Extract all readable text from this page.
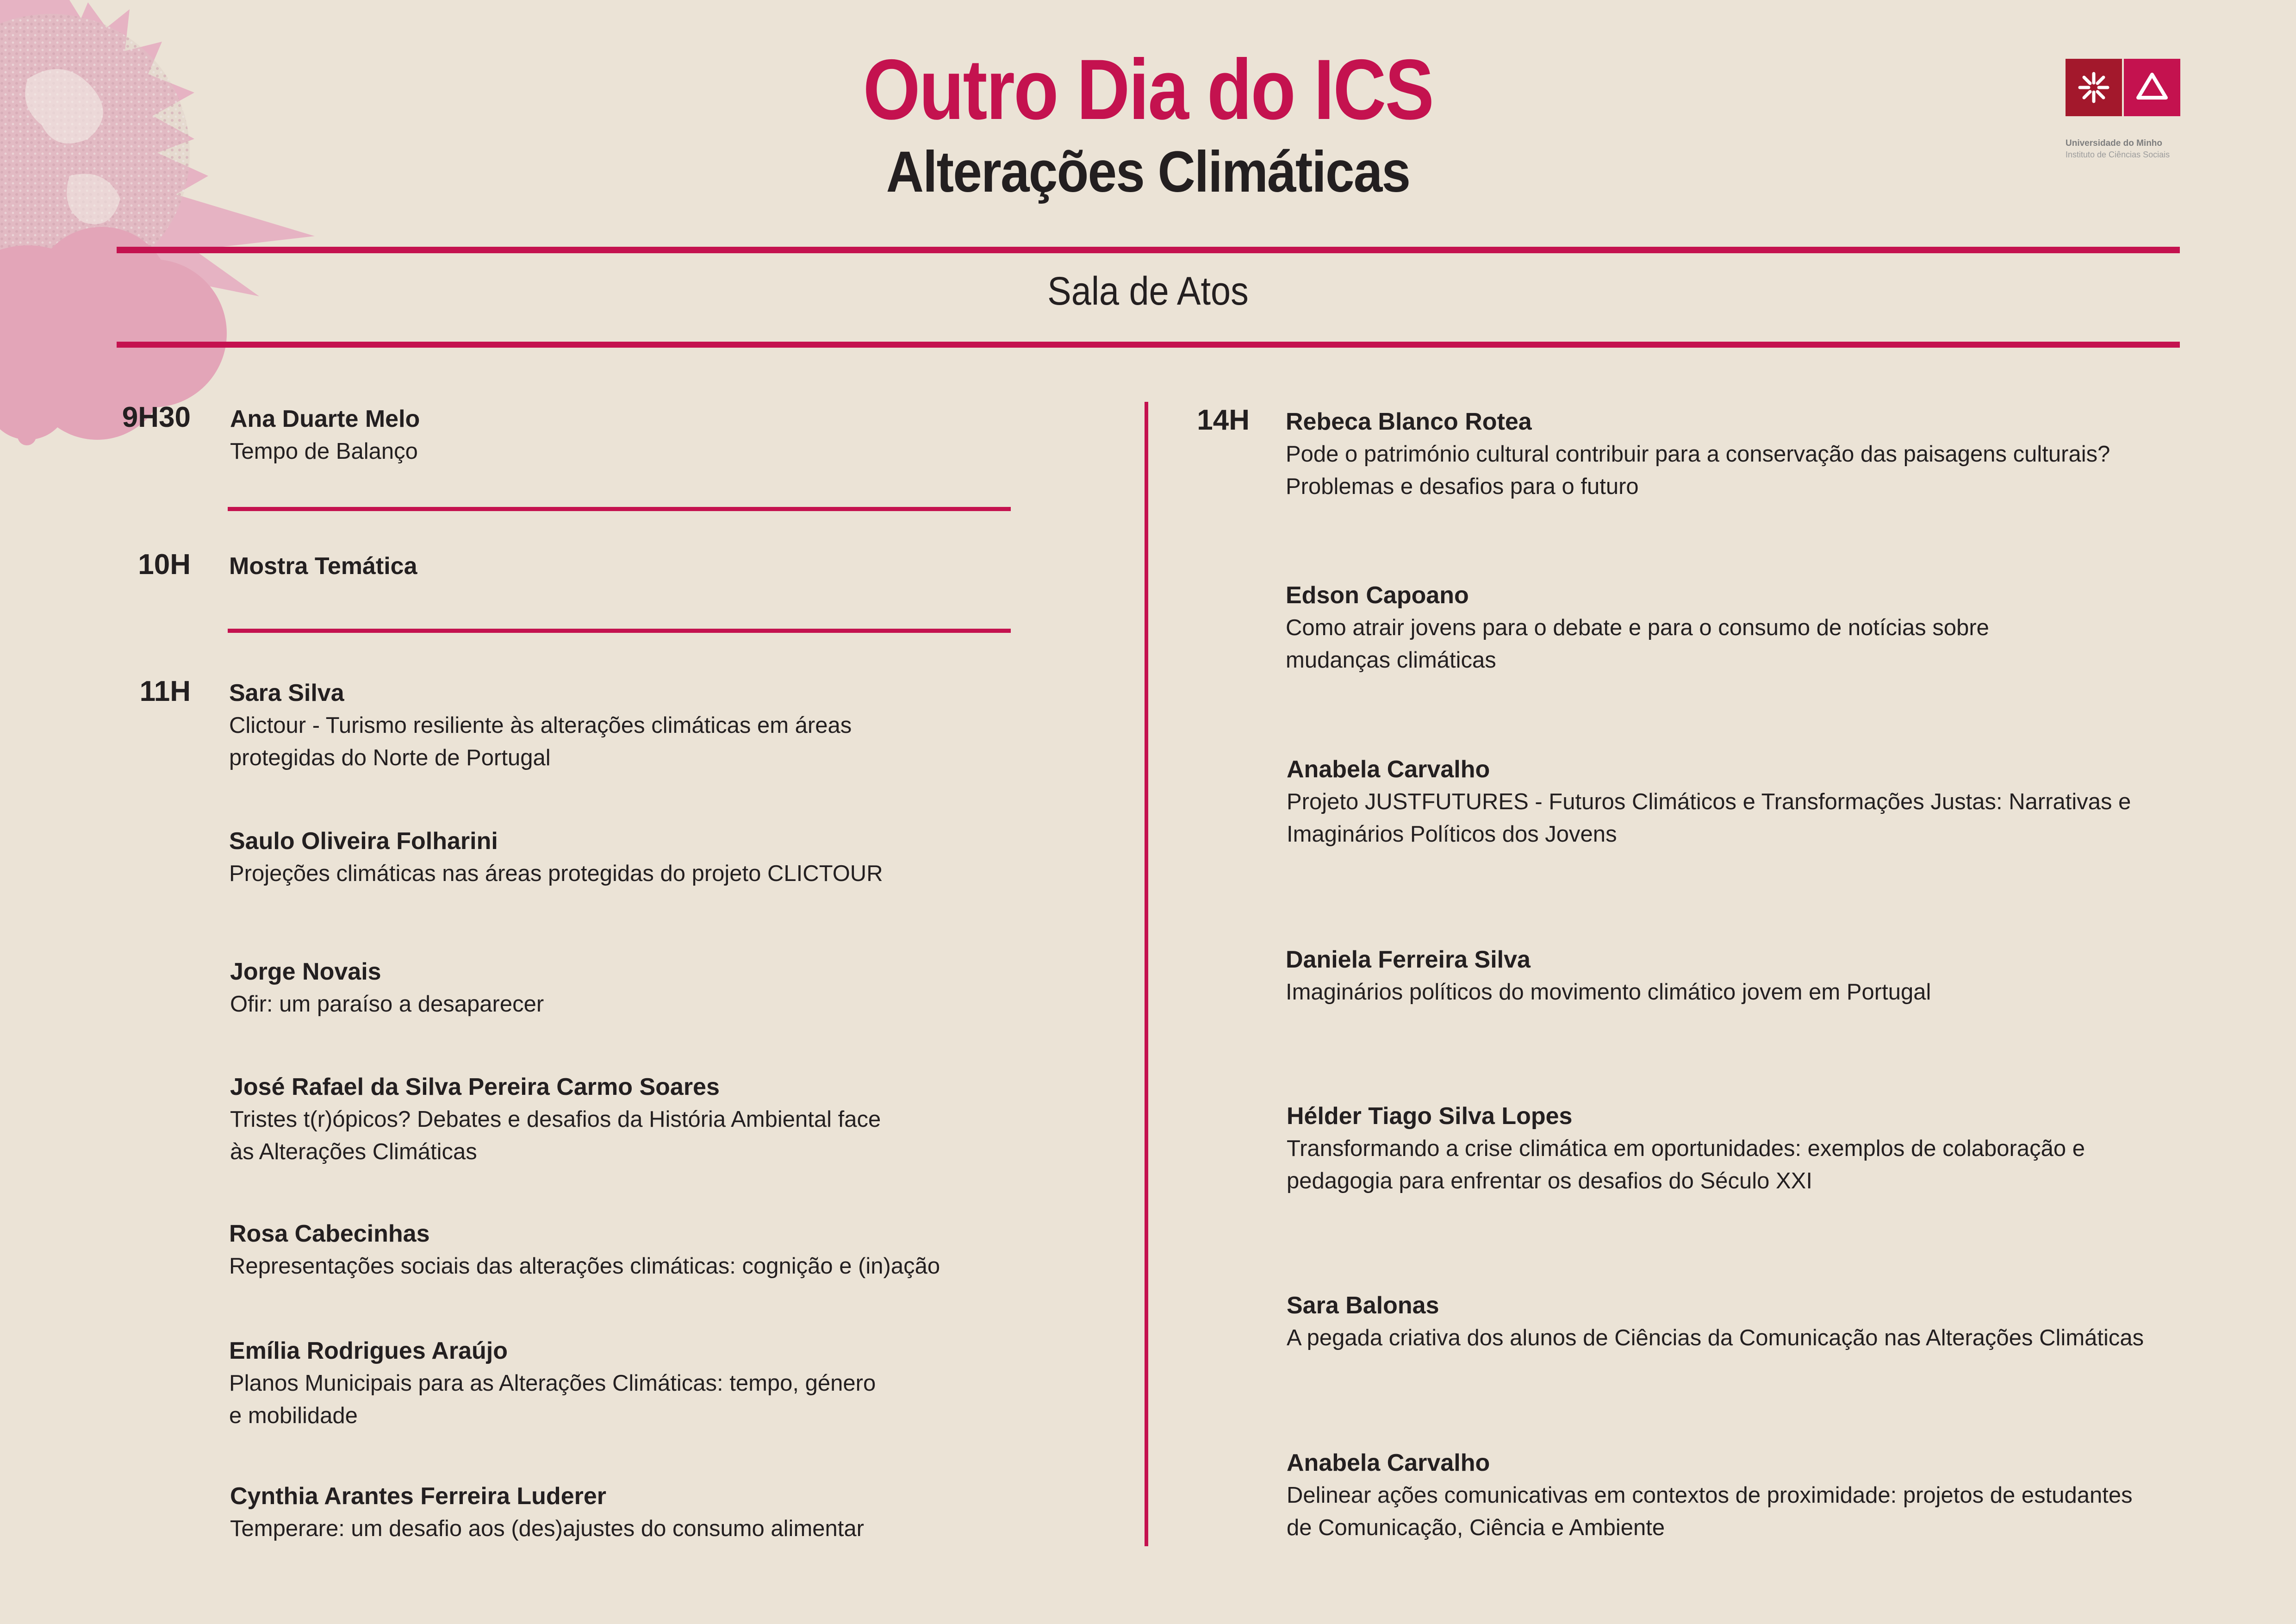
Outro Dia do ICS
Alterações Climáticas	Universidade do Minho
Instituto de Ciências Sociais
Sala de Atos
9H30 Ana Duarte Melo
Tempo de Balanço
10H Mostra Temática
11H Sara Silva
Clictour - Turismo resiliente às alterações climáticas em áreas
protegidas do Norte de Portugal
Saulo Oliveira Folharini
Projeções climáticas nas áreas protegidas do projeto CLICTOUR
Jorge Novais
Ofir: um paraíso a desaparecer
José Rafael da Silva Pereira Carmo Soares
Tristes t(r)ópicos? Debates e desafios da História Ambiental face
às Alterações Climáticas
Rosa Cabecinhas
Representações sociais das alterações climáticas: cognição e (in)ação
Emília Rodrigues Araújo
Planos Municipais para as Alterações Climáticas: tempo, género
e mobilidade
Cynthia Arantes Ferreira Luderer
Temperare: um desafio aos (des)ajustes do consumo alimentar
14H Rebeca Blanco Rotea
Pode o património cultural contribuir para a conservação das paisagens culturais?
Problemas e desafios para o futuro
Edson Capoano
Como atrair jovens para o debate e para o consumo de notícias sobre
mudanças climáticas
Anabela Carvalho
Projeto JUSTFUTURES - Futuros Climáticos e Transformações Justas: Narrativas e
Imaginários Políticos dos Jovens
Daniela Ferreira Silva
Imaginários políticos do movimento climático jovem em Portugal
Hélder Tiago Silva Lopes
Transformando a crise climática em oportunidades: exemplos de colaboração e
pedagogia para enfrentar os desafios do Século XXI
Sara Balonas
A pegada criativa dos alunos de Ciências da Comunicação nas Alterações Climáticas
Anabela Carvalho
Delinear ações comunicativas em contextos de proximidade: projetos de estudantes
de Comunicação, Ciência e Ambiente
